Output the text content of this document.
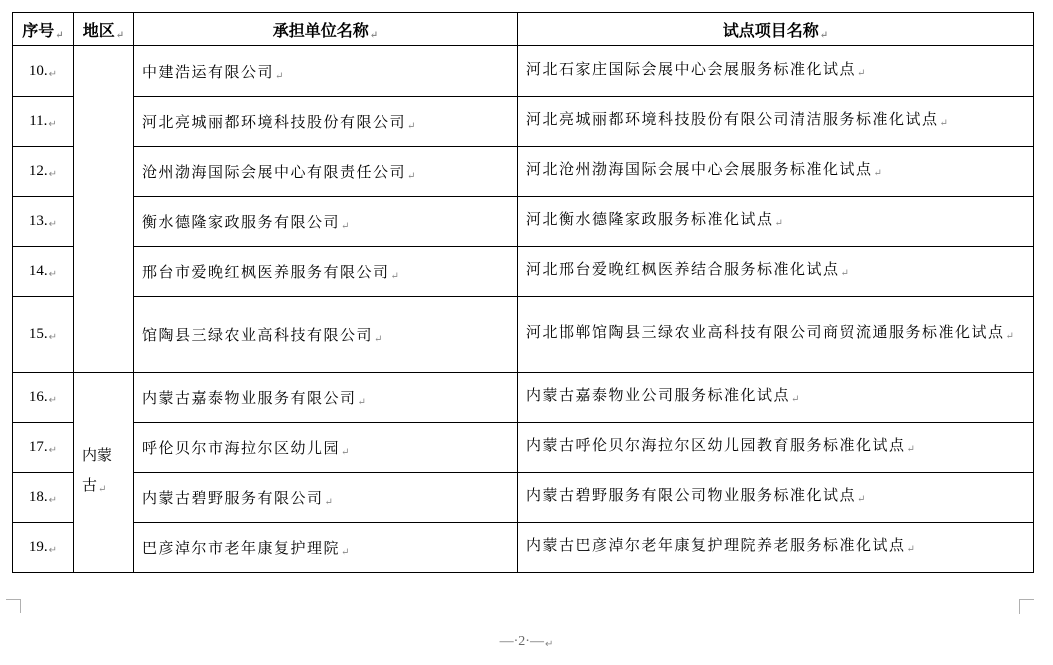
序号↵	地区↵	承担单位名称↵	试点项目名称↵
10.↵		中建浩运有限公司↵	河北石家庄国际会展中心会展服务标准化试点↵
11.↵		河北亮城丽都环境科技股份有限公司↵	河北亮城丽都环境科技股份有限公司清洁服务标准化试点↵
12.↵		沧州渤海国际会展中心有限责任公司↵	河北沧州渤海国际会展中心会展服务标准化试点↵
13.↵		衡水德隆家政服务有限公司↵	河北衡水德隆家政服务标准化试点↵
14.↵		邢台市爱晚红枫医养服务有限公司↵	河北邢台爱晚红枫医养结合服务标准化试点↵
15.↵		馆陶县三绿农业高科技有限公司↵	河北邯郸馆陶县三绿农业高科技有限公司商贸流通服务标准化试点↵
16.↵	内蒙古↵	内蒙古嘉泰物业服务有限公司↵	内蒙古嘉泰物业公司服务标准化试点↵
17.↵		呼伦贝尔市海拉尔区幼儿园↵	内蒙古呼伦贝尔海拉尔区幼儿园教育服务标准化试点↵
18.↵		内蒙古碧野服务有限公司↵	内蒙古碧野服务有限公司物业服务标准化试点↵
19.↵		巴彦淖尔市老年康复护理院↵	内蒙古巴彦淖尔老年康复护理院养老服务标准化试点↵
—·2·—↵
